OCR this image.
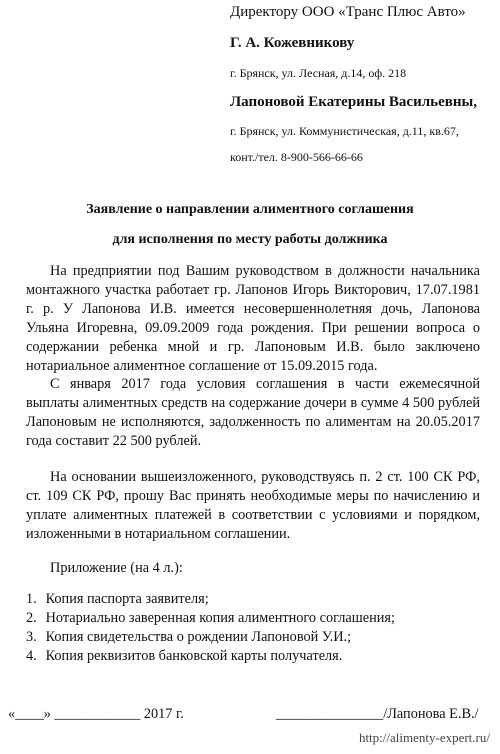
Директору ООО «Транс Плюс Авто»
Г. А. Кожевникову
г. Брянск, ул. Лесная, д.14, оф. 218
Лапоновой Екатерины Васильевны,
г. Брянск, ул. Коммунистическая, д.11, кв.67,
конт./тел. 8-900-566-66-66
Заявление о направлении алиментного соглашения
для исполнения по месту работы должника
На предприятии под Вашим руководством в должности начальника монтажного участка работает гр. Лапонов Игорь Викторович, 17.07.1981 г. р. У Лапонова И.В. имеется несовершеннолетняя дочь, Лапонова Ульяна Игоревна, 09.09.2009 года рождения. При решении вопроса о содержании ребенка мной и гр. Лапоновым И.В. было заключено нотариальное алиментное соглашение от 15.09.2015 года.
С января 2017 года условия соглашения в части ежемесячной выплаты алиментных средств на содержание дочери в сумме 4 500 рублей Лапоновым не исполняются, задолженность по алиментам на 20.05.2017 года составит 22 500 рублей.
На основании вышеизложенного, руководствуясь п. 2 ст. 100 СК РФ, ст. 109 СК РФ, прошу Вас принять необходимые меры по начислению и уплате алиментных платежей в соответствии с условиями и порядком, изложенными в нотариальном соглашении.
Приложение (на 4 л.):
1. Копия паспорта заявителя;
2. Нотариально заверенная копия алиментного соглашения;
3. Копия свидетельства о рождении Лапоновой У.И.;
4. Копия реквизитов банковской карты получателя.
«____» ____________ 2017 г.	_______________/Лапонова Е.В./
http://alimenty-expert.ru/
